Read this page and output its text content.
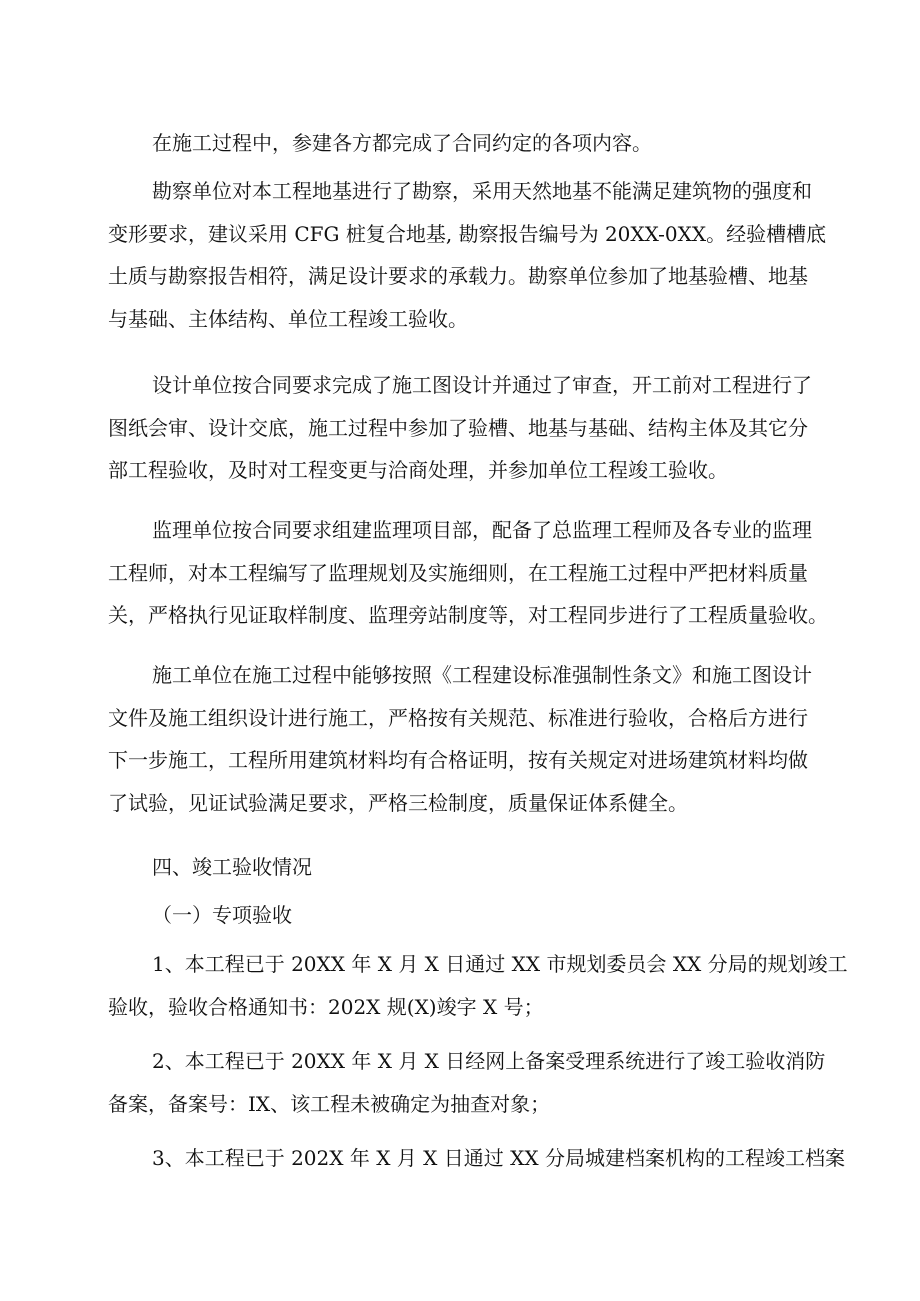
在施工过程中，参建各方都完成了合同约定的各项内容。
勘察单位对本工程地基进行了勘察，采用天然地基不能满足建筑物的强度和
变形要求，建议采用 CFG 桩复合地基, 勘察报告编号为 20XX-0XX。经验槽槽底
土质与勘察报告相符，满足设计要求的承载力。勘察单位参加了地基验槽、地基
与基础、主体结构、单位工程竣工验收。
设计单位按合同要求完成了施工图设计并通过了审查，开工前对工程进行了
图纸会审、设计交底，施工过程中参加了验槽、地基与基础、结构主体及其它分
部工程验收，及时对工程变更与洽商处理，并参加单位工程竣工验收。
监理单位按合同要求组建监理项目部，配备了总监理工程师及各专业的监理
工程师，对本工程编写了监理规划及实施细则，在工程施工过程中严把材料质量
关，严格执行见证取样制度、监理旁站制度等，对工程同步进行了工程质量验收。
施工单位在施工过程中能够按照《工程建设标准强制性条文》和施工图设计
文件及施工组织设计进行施工，严格按有关规范、标准进行验收，合格后方进行
下一步施工，工程所用建筑材料均有合格证明，按有关规定对进场建筑材料均做
了试验，见证试验满足要求，严格三检制度，质量保证体系健全。
四、竣工验收情况
（一）专项验收
1、本工程已于 20XX 年 X 月 X 日通过 XX 市规划委员会 XX 分局的规划竣工
验收，验收合格通知书：202X 规(X)竣字 X 号；
2、本工程已于 20XX 年 X 月 X 日经网上备案受理系统进行了竣工验收消防
备案，备案号：IX、该工程未被确定为抽查对象；
3、本工程已于 202X 年 X 月 X 日通过 XX 分局城建档案机构的工程竣工档案
